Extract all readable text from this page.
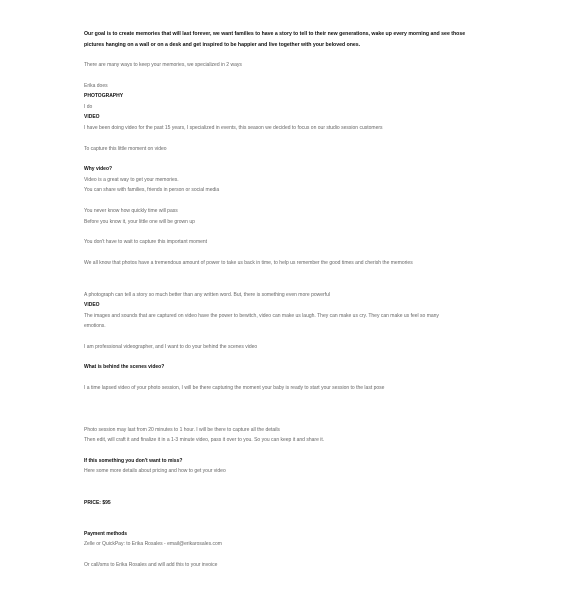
Our goal is to create memories that will last forever, we want families to have a story to tell to their new generations, wake up every morning and see those pictures hanging on a wall or on a desk and get inspired to be happier and live together with your beloved ones.
There are many ways to keep your memories, we specialized in 2 ways
Erika does
PHOTOGRAPHY
I do
VIDEO
I have been doing video for the past 15 years, I specialized in events, this season we decided to focus on our studio session customers
To capture this little moment on video
Why video?
Video is a great way to get your memories.
You can share with families, friends in person or social media
You never know how quickly time will pass
Before you know it, your little one will be grown up
You don't have to wait to capture this important moment
We all know that photos have a tremendous amount of power to take us back in time, to help us remember the good times and cherish the memories
A photograph can tell a story so much better than any written word. But, there is something even more powerful
VIDEO
The images and sounds that are captured on video have the power to bewitch, video can make us laugh. They can make us cry. They can make us feel so many
emotions.
I am professional videographer, and I want to do your behind the scenes video
What is behind the scenes video?
I a time lapsed video of your photo session, I will be there capturing the moment your baby is ready to start your session to the last pose
Photo session may last from 20 minutes to 1 hour. I will be there to capture all the details
Then edit, will craft it and finalize it in a 1-3 minute video, pass it over to you. So you can keep it and share it.
If this something you don't want to miss?
Here some more details about pricing and how to get your video
PRICE: $95
Payment methods
Zelle or QuickPay: to Erika Rosales - email@erikarosales.com
Or call/sms to Erika Rosales and will add this to your invoice
